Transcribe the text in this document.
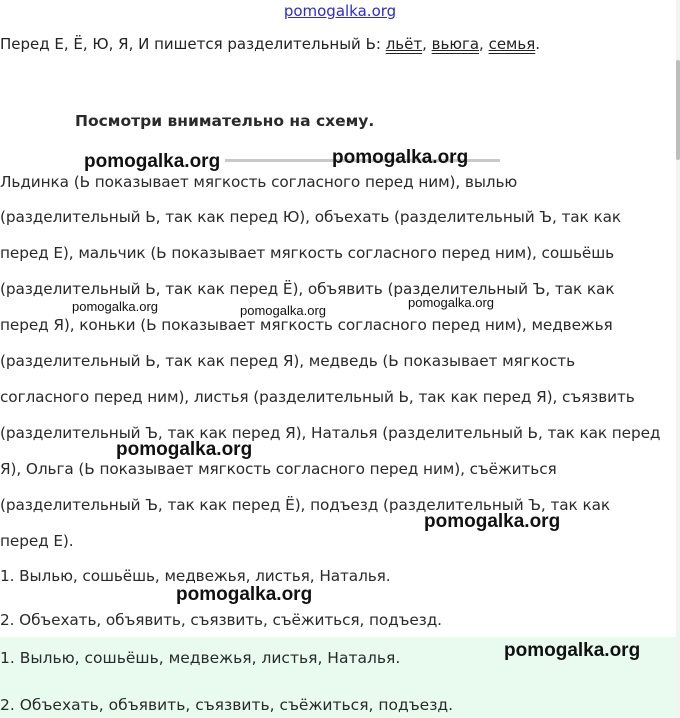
pomogalka.org
Перед Е, Ё, Ю, Я, И пишется разделительный Ь: льёт, вьюга, семья.
Посмотри внимательно на схему.
Льдинка (Ь показывает мягкость согласного перед ним), вылью
(разделительный Ь, так как перед Ю), объехать (разделительный Ъ, так как
перед Е), мальчик (Ь показывает мягкость согласного перед ним), сошьёшь
(разделительный Ь, так как перед Ё), объявить (разделительный Ъ, так как
перед Я), коньки (Ь показывает мягкость согласного перед ним), медвежья
(разделительный Ь, так как перед Я), медведь (Ь показывает мягкость
согласного перед ним), листья (разделительный Ь, так как перед Я), съязвить
(разделительный Ъ, так как перед Я), Наталья (разделительный Ь, так как перед
Я), Ольга (Ь показывает мягкость согласного перед ним), съёжиться
(разделительный Ъ, так как перед Ё), подъезд (разделительный Ъ, так как
перед Е).
1. Вылью, сошьёшь, медвежья, листья, Наталья.
2. Объехать, объявить, съязвить, съёжиться, подъезд.
1. Вылью, сошьёшь, медвежья, листья, Наталья.
2. Объехать, объявить, съязвить, съёжиться, подъезд.
pomogalka.org	pomogalka.org
pomogalka.org	pomogalka.org
pomogalka.org
pomogalka.org
pomogalka.org
pomogalka.org
pomogalka.org
